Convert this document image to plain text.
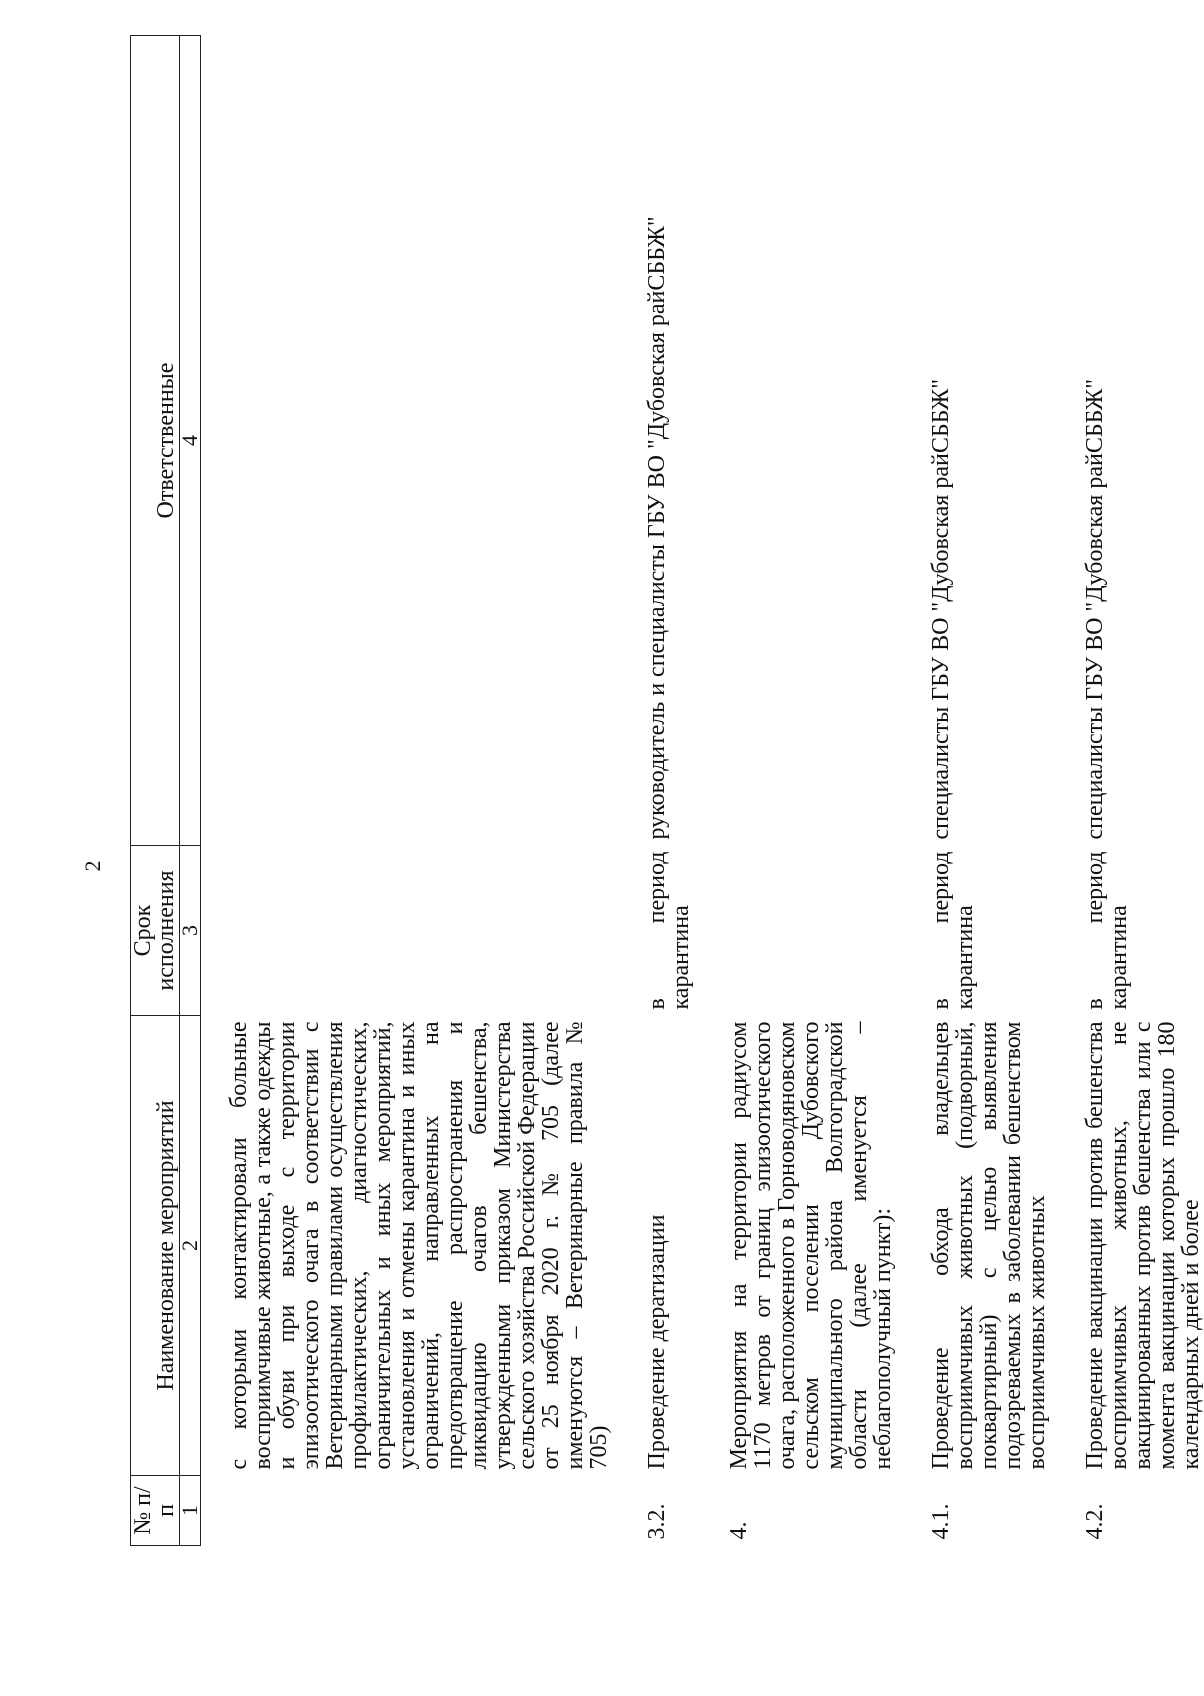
2
№ п/п	Наименование мероприятий	Срок исполнения	Ответственные
1	2	3	4
	с которыми контактировали больные восприимчивые животные, а также одежды и обуви при выходе с территории эпизоотического очага в соответствии с Ветеринарными правилами осуществления профилактических, диагностических, ограничительных и иных мероприятий, установления и отмены карантина и иных ограничений, направленных на предотвращение распространения и ликвидацию очагов бешенства, утвержденными приказом Министерства сельского хозяйства Российской Федерации от 25 ноября 2020 г. № 705 (далее именуются – Ветеринарные правила № 705)		
3.2.	Проведение дератизации	в период карантина	руководитель и специалисты ГБУ ВО "Дубовская райСББЖ"
4.	Мероприятия на территории радиусом 1170 метров от границ эпизоотического очага, расположенного в Горноводяновском сельском поселении Дубовского муниципального района Волгоградской области (далее именуется – неблагополучный пункт):		
4.1.	Проведение обхода владельцев восприимчивых животных (подворный, поквартирный) с целью выявления подозреваемых в заболевании бешенством восприимчивых животных	в период карантина	специалисты ГБУ ВО "Дубовская райСББЖ"
4.2.	Проведение вакцинации против бешенства восприимчивых животных, не вакцинированных против бешенства или с момента вакцинации которых прошло 180 календарных дней и более	в период карантина	специалисты ГБУ ВО "Дубовская райСББЖ"
